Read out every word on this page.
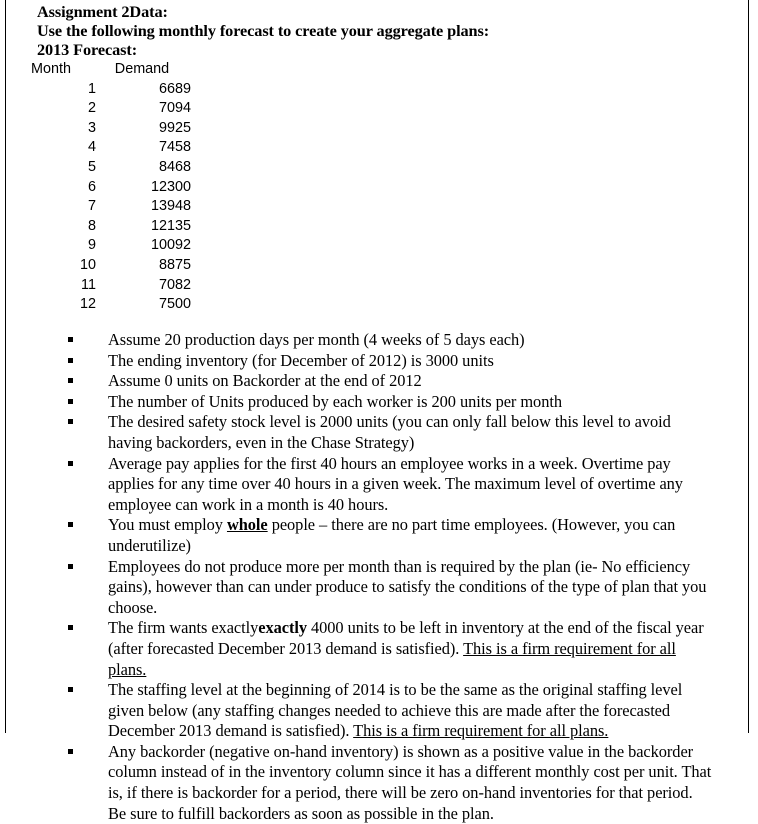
Assignment 2Data:
Use the following monthly forecast to create your aggregate plans:
2013 Forecast:
Month	Demand
1	6689
2	7094
3	9925
4	7458
5	8468
6	12300
7	13948
8	12135
9	10092
10	8875
11	7082
12	7500
Assume 20 production days per month (4 weeks of 5 days each)
The ending inventory (for December of 2012) is 3000 units
Assume 0 units on Backorder at the end of 2012
The number of Units produced by each worker is 200 units per month
The desired safety stock level is 2000 units (you can only fall below this level to avoid having backorders, even in the Chase Strategy)
Average pay applies for the first 40 hours an employee works in a week. Overtime pay applies for any time over 40 hours in a given week. The maximum level of overtime any employee can work in a month is 40 hours.
You must employ whole people – there are no part time employees. (However, you can underutilize)
Employees do not produce more per month than is required by the plan (ie- No efficiency gains), however than can under produce to satisfy the conditions of the type of plan that you choose.
The firm wants exactlyexactly 4000 units to be left in inventory at the end of the fiscal year (after forecasted December 2013 demand is satisfied). This is a firm requirement for all plans.
The staffing level at the beginning of 2014 is to be the same as the original staffing level given below (any staffing changes needed to achieve this are made after the forecasted December 2013 demand is satisfied). This is a firm requirement for all plans.
Any backorder (negative on-hand inventory) is shown as a positive value in the backorder column instead of in the inventory column since it has a different monthly cost per unit. That is, if there is backorder for a period, there will be zero on-hand inventories for that period. Be sure to fulfill backorders as soon as possible in the plan.
